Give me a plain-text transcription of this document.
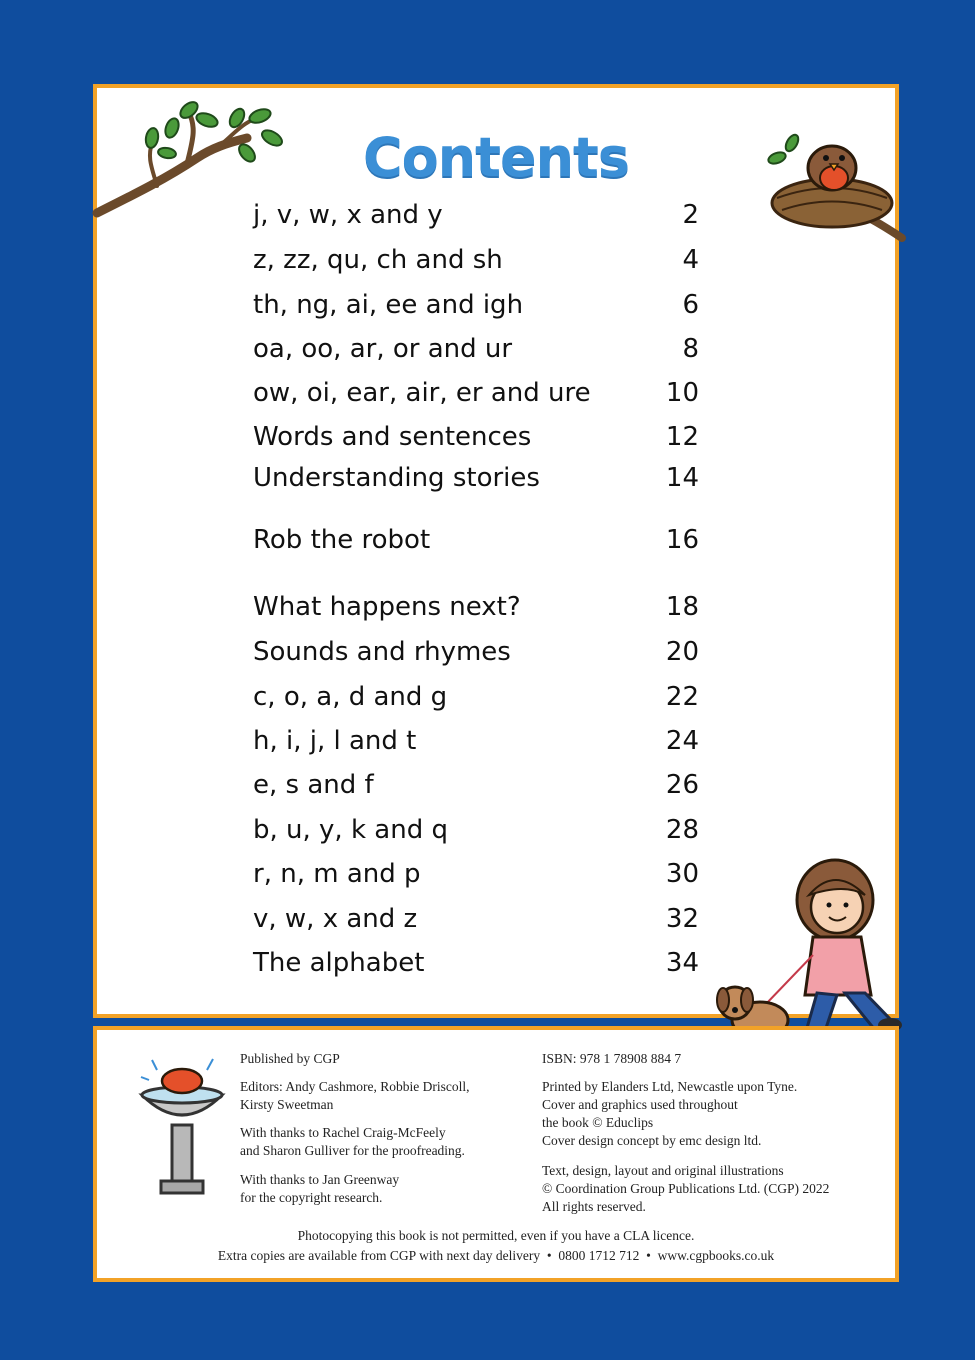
Contents
j, v, w, x and y	2
z, zz, qu, ch and sh	4
th, ng, ai, ee and igh	6
oa, oo, ar, or and ur	8
ow, oi, ear, air, er and ure	10
Words and sentences	12
Understanding stories	14
Rob the robot	16
What happens next?	18
Sounds and rhymes	20
c, o, a, d and g	22
h, i, j, l and t	24
e, s and f	26
b, u, y, k and q	28
r, n, m and p	30
v, w, x and z	32
The alphabet	34
Published by CGP
Editors: Andy Cashmore, Robbie Driscoll,
Kirsty Sweetman
With thanks to Rachel Craig-McFeely
and Sharon Gulliver for the proofreading.
With thanks to Jan Greenway
for the copyright research.
ISBN: 978 1 78908 884 7
Printed by Elanders Ltd, Newcastle upon Tyne.
Cover and graphics used throughout
the book © Educlips
Cover design concept by emc design ltd.
Text, design, layout and original illustrations
© Coordination Group Publications Ltd. (CGP) 2022
All rights reserved.
Photocopying this book is not permitted, even if you have a CLA licence.
Extra copies are available from CGP with next day delivery  •  0800 1712 712  •  www.cgpbooks.co.uk
